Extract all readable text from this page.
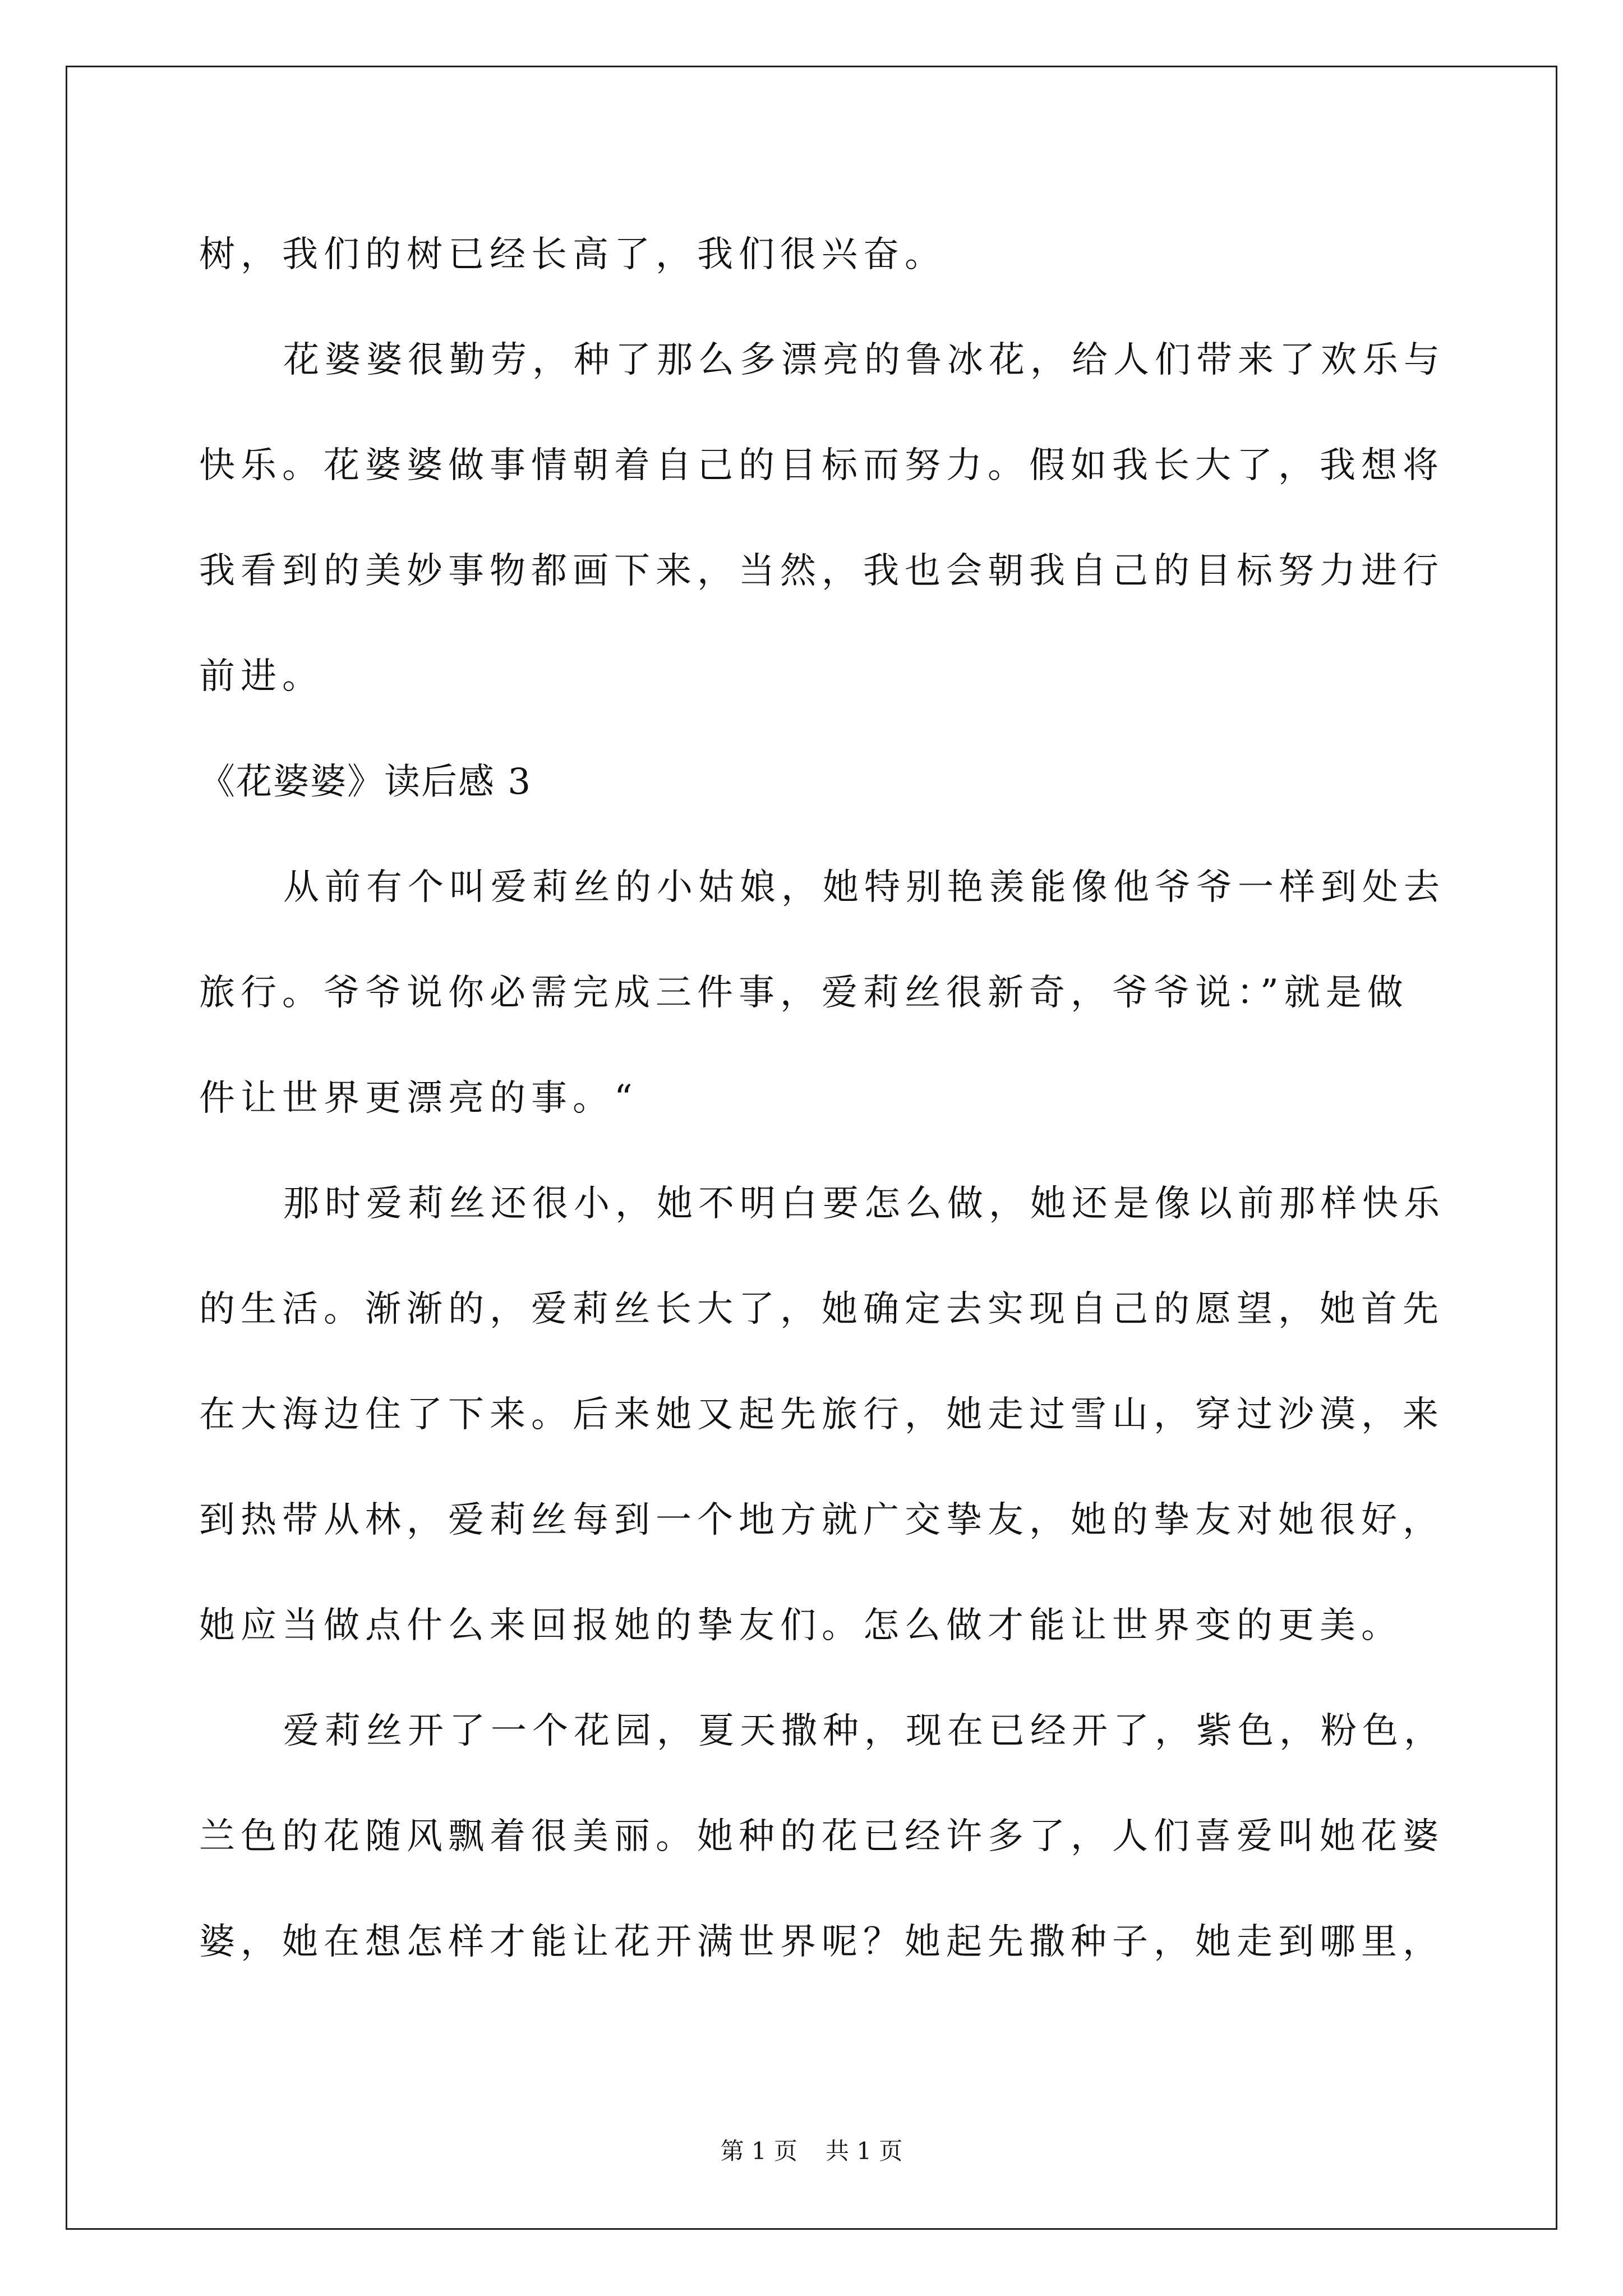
树，我们的树已经长高了，我们很兴奋。
花婆婆很勤劳，种了那么多漂亮的鲁冰花，给人们带来了欢乐与
快乐。花婆婆做事情朝着自己的目标而努力。假如我长大了，我想将
我看到的美妙事物都画下来，当然，我也会朝我自己的目标努力进行
前进。
《花婆婆》读后感 3
从前有个叫爱莉丝的小姑娘，她特别艳羡能像他爷爷一样到处去
旅行。爷爷说你必需完成三件事，爱莉丝很新奇，爷爷说：”就是做
件让世界更漂亮的事。“
那时爱莉丝还很小，她不明白要怎么做，她还是像以前那样快乐
的生活。渐渐的，爱莉丝长大了，她确定去实现自己的愿望，她首先
在大海边住了下来。后来她又起先旅行，她走过雪山，穿过沙漠，来
到热带从林，爱莉丝每到一个地方就广交挚友，她的挚友对她很好，
她应当做点什么来回报她的挚友们。怎么做才能让世界变的更美。
爱莉丝开了一个花园，夏天撒种，现在已经开了，紫色，粉色，
兰色的花随风飘着很美丽。她种的花已经许多了，人们喜爱叫她花婆
婆，她在想怎样才能让花开满世界呢？她起先撒种子，她走到哪里，
第 1 页 共 1 页
